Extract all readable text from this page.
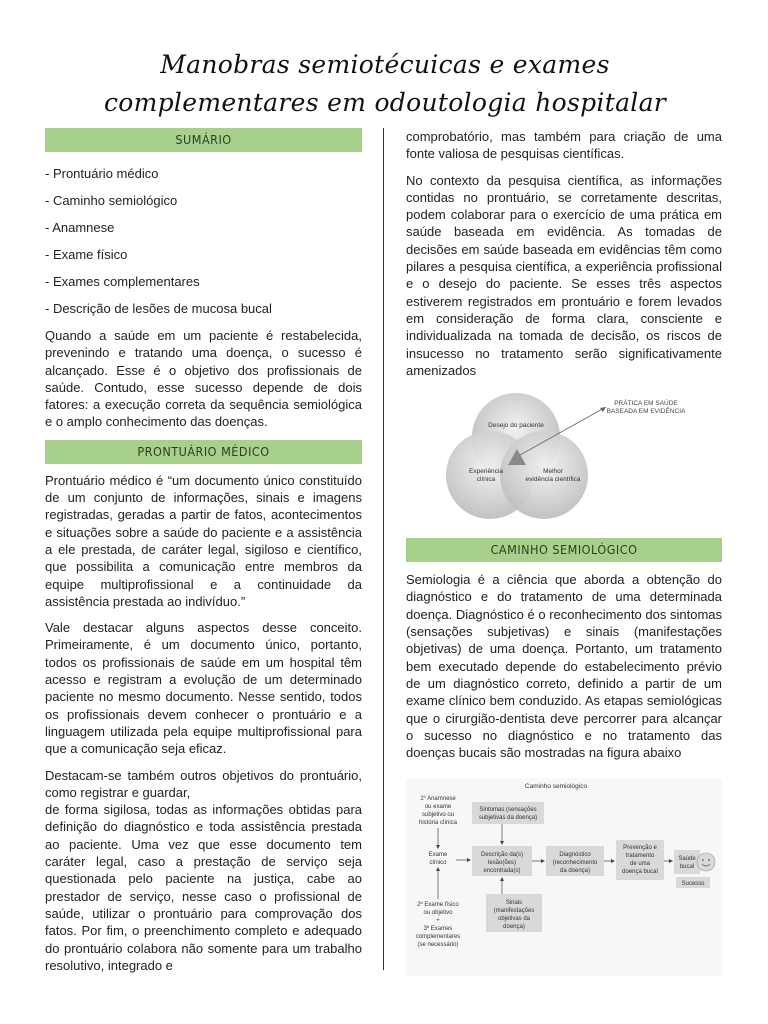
Manobras semiotécuicas e exames complementares em odoutologia hospitalar
SUMÁRIO
- Prontuário médico
- Caminho semiológico
- Anamnese
- Exame físico
- Exames complementares
- Descrição de lesões de mucosa bucal

Quando a saúde em um paciente é restabelecida, prevenindo e tratando uma doença, o sucesso é alcançado. Esse é o objetivo dos profissionais de saúde. Contudo, esse sucesso depende de dois fatores: a execução correta da sequência semiológica e o amplo conhecimento das doenças.

PRONTUÁRIO MÉDICO

Prontuário médico é “um documento único constituído de um conjunto de informações, sinais e imagens registradas, geradas a partir de fatos, acontecimentos e situações sobre a saúde do paciente e a assistência a ele prestada, de caráter legal, sigiloso e científico, que possibilita a comunicação entre membros da equipe multiprofissional e a continuidade da assistência prestada ao indivíduo.”

Vale destacar alguns aspectos desse conceito. Primeiramente, é um documento único, portanto, todos os profissionais de saúde em um hospital têm acesso e registram a evolução de um determinado paciente no mesmo documento. Nesse sentido, todos os profissionais devem conhecer o prontuário e a linguagem utilizada pela equipe multiprofissional para que a comunicação seja eficaz.

Destacam-se também outros objetivos do prontuário, como registrar e guardar,

de forma sigilosa, todas as informações obtidas para definição do diagnóstico e toda assistência prestada ao paciente. Uma vez que esse documento tem caráter legal, caso a prestação de serviço seja questionada pelo paciente na justiça, cabe ao prestador de serviço, nesse caso o profissional de saúde, utilizar o prontuário para comprovação dos fatos. Por fim, o preenchimento completo e adequado do prontuário colabora não somente para um trabalho resolutivo, integrado e

comprobatório, mas também para criação de uma fonte valiosa de pesquisas científicas.

No contexto da pesquisa científica, as informações contidas no prontuário, se corretamente descritas, podem colaborar para o exercício de uma prática em saúde baseada em evidência. As tomadas de decisões em saúde baseada em evidências têm como pilares a pesquisa científica, a experiência profissional e o desejo do paciente. Se esses três aspectos estiverem registrados em prontuário e forem levados em consideração de forma clara, consciente e individualizada na tomada de decisão, os riscos de insucesso no tratamento serão significativamente amenizados

PRÁTICA EM SAÚDE
BASEADA EM EVIDÊNCIA
Desejo do paciente
Experiência
clínica
Melhor
evidência científica
CAMINHO SEMIOLÓGICO

Semiologia é a ciência que aborda a obtenção do diagnóstico e do tratamento de uma determinada doença. Diagnóstico é o reconhecimento dos sintomas (sensações subjetivas) e sinais (manifestações objetivas) de uma doença. Portanto, um tratamento bem executado depende do estabelecimento prévio de um diagnóstico correto, definido a partir de um exame clínico bem conduzido. As etapas semiológicas que o cirurgião-dentista deve percorrer para alcançar o sucesso no diagnóstico e no tratamento das doenças bucais são mostradas na figura abaixo

Caminho semiológico
1º Anamnese
ou exame
subjetivo ou
história clínica
Exame
clínico
2º Exame físico
ou objetivo
+
3º Exames
complementares
(se necessário)
Sintomas (sensações
subjetivas da doença)
Descrição da(s)
lesão(ões)
encontrada(s)
Sinais
(manifestações
objetivas da
doença)
Diagnóstico
(reconhecimento
da doença)
Prevenção e
tratamento
de uma
doença bucal
Saúde
bucal
Sucesso
